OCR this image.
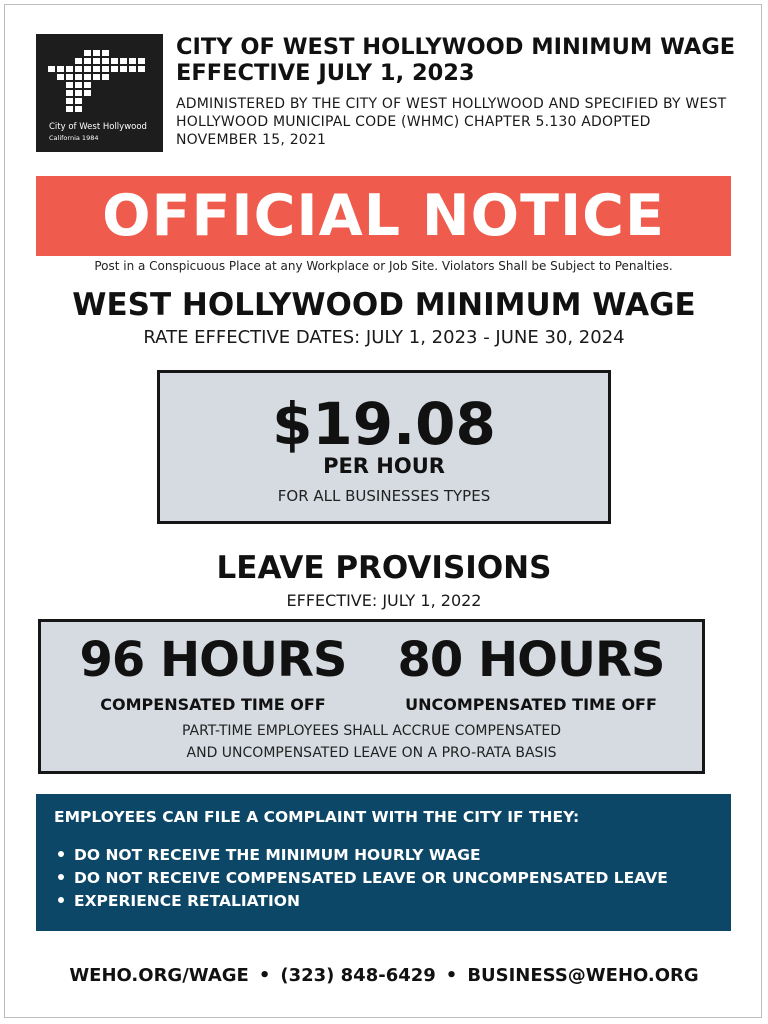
City of West Hollywood
California 1984
CITY OF WEST HOLLYWOOD MINIMUM WAGE EFFECTIVE JULY 1, 2023
ADMINISTERED BY THE CITY OF WEST HOLLYWOOD AND SPECIFIED BY WEST HOLLYWOOD MUNICIPAL CODE (WHMC) CHAPTER 5.130 ADOPTED NOVEMBER 15, 2021
OFFICIAL NOTICE
Post in a Conspicuous Place at any Workplace or Job Site. Violators Shall be Subject to Penalties.
WEST HOLLYWOOD MINIMUM WAGE
RATE EFFECTIVE DATES: JULY 1, 2023 - JUNE 30, 2024
$19.08
PER HOUR
FOR ALL BUSINESSES TYPES
LEAVE PROVISIONS
EFFECTIVE: JULY 1, 2022
96 HOURS
COMPENSATED TIME OFF
80 HOURS
UNCOMPENSATED TIME OFF
PART-TIME EMPLOYEES SHALL ACCRUE COMPENSATED
AND UNCOMPENSATED LEAVE ON A PRO-RATA BASIS
EMPLOYEES CAN FILE A COMPLAINT WITH THE CITY IF THEY:
DO NOT RECEIVE THE MINIMUM HOURLY WAGE
DO NOT RECEIVE COMPENSATED LEAVE OR UNCOMPENSATED LEAVE
EXPERIENCE RETALIATION
WEHO.ORG/WAGE • (323) 848-6429 • BUSINESS@WEHO.ORG
